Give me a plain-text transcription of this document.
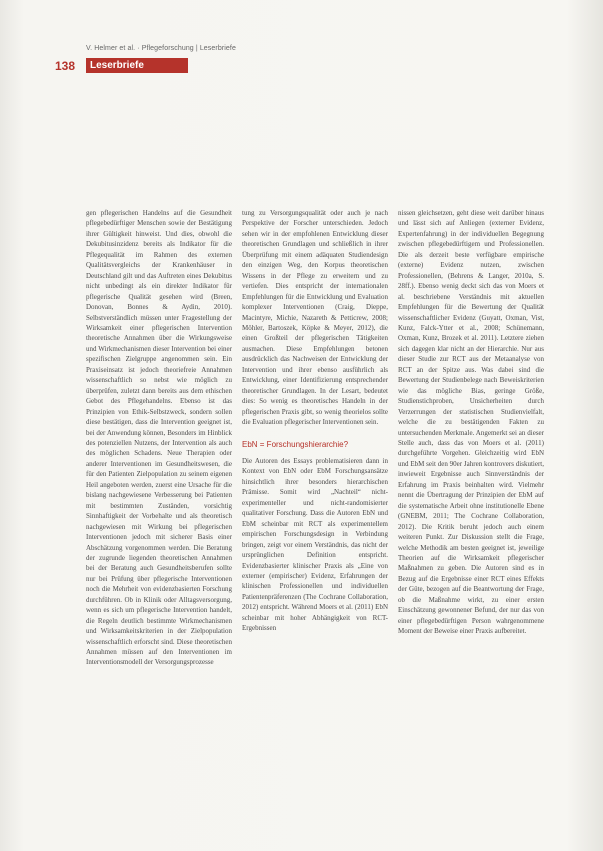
V. Helmer et al. · Pflegeforschung | Leserbriefe
138	Leserbriefe

gen pflegerischen Handelns auf die Gesundheit pflegebedürftiger Menschen sowie der Bestätigung ihrer Gültigkeit hinweist. Und dies, obwohl die Dekubitusinzidenz bereits als Indikator für die Pflegequalität im Rahmen des externen Qualitätsvergleichs der Krankenhäuser in Deutschland gilt und das Auftreten eines Dekubitus nicht unbedingt als ein direkter Indikator für pflegerische Qualität gesehen wird (Breen, Donovan, Bonnes & Aydin, 2010). Selbstverständlich müssen unter Fragestellung der Wirksamkeit einer pflegerischen Intervention theoretische Annahmen über die Wirkungsweise und Wirkmechanismen dieser Intervention bei einer spezifischen Zielgruppe angenommen sein. Ein Praxiseinsatz ist jedoch theoriefreie Annahmen wissenschaftlich so nebst wie möglich zu überprüfen, zuletzt dann bereits aus dem ethischen Gebot des Pflegehandelns. Ebenso ist das Prinzipien von Ethik-Selbstzweck, sondern sollen diese bestätigen, dass die Intervention geeignet ist, bei der Anwendung können, Besonders im Hinblick des potenziellen Nutzens, der Intervention als auch des möglichen Schadens. Neue Therapien oder anderer Interventionen im Gesundheitswesen, die für den Patienten Zielpopulation zu seinem eigenen Heil angeboten werden, zuerst eine Ursache für die bislang nachgewiesene Verbesserung bei Patienten mit bestimmten Zuständen, vorsichtig Sinnhaftigkeit der Vorbehalte und als theoretisch nachgewiesen mit Wirkung bei pflegerischen Interventionen jedoch mit sicherer Basis einer Abschätzung vorgenommen werden. Die Beratung der zugrunde liegenden theoretischen Annahmen bei der Beratung auch Gesundheitsberufen sollte nur bei Prüfung über pflegerische Interventionen noch die Mehrheit von evidenzbasierten Forschung durchführen. Ob in Klinik oder Alltagsversorgung, wenn es sich um pflegerische Intervention handelt, die Regeln deutlich bestimmte Wirkmechanismen und Wirksamkeitskriterien in der Zielpopulation wissenschaftlich erforscht sind. Diese theoretischen Annahmen müssen auf den Interventionen im Interventionsmodell der Versorgungsprozesse

tung zu Versorgungsqualität oder auch je nach Perspektive der Forscher unterschieden. Jedoch sehen wir in der empfohlenen Entwicklung dieser theoretischen Grundlagen und schließlich in ihrer Überprüfung mit einem adäquaten Studiendesign den einzigen Weg, den Korpus theoretischen Wissens in der Pflege zu erweitern und zu vertiefen. Dies entspricht der internationalen Empfehlungen für die Entwicklung und Evaluation komplexer Interventionen (Craig, Dieppe, Macintyre, Michie, Nazareth & Petticrew, 2008; Möhler, Bartoszek, Köpke & Meyer, 2012), die einen Großteil der pflegerischen Tätigkeiten ausmachen. Diese Empfehlungen betonen ausdrücklich das Nachweisen der Entwicklung der Intervention und ihrer ebenso ausführlich als Entwicklung, einer Identifizierung entsprechender theoretischer Grundlagen. In der Lesart, bedeutet dies: So wenig es theoretisches Handeln in der pflegerischen Praxis gibt, so wenig theorielos sollte die Evaluation pflegerischer Interventionen sein.

EbN = Forschungshierarchie?

Die Autoren des Essays problematisieren dann in Kontext von EbN oder EbM Forschungsansätze hinsichtlich ihrer besonders hierarchischen Prämisse. Somit wird „Nachteil“ nicht-experimenteller und nicht-randomisierter qualitativer Forschung. Dass die Autoren EbN und EbM scheinbar mit RCT als experimentellem empirischen Forschungsdesign in Verbindung bringen, zeigt vor einem Verständnis, das nicht der ursprünglichen Definition entspricht. Evidenzbasierter klinischer Praxis als „Eine von externer (empirischer) Evidenz, Erfahrungen der klinischen Professionellen und individuellen Patientenpräferenzen (The Cochrane Collaboration, 2012) entspricht. Während Moers et al. (2011) EbN scheinbar mit hoher Abhängigkeit von RCT-Ergebnissen

nissen gleichsetzen, geht diese weit darüber hinaus und lässt sich auf Anliegen (externer Evidenz, Expertenfahrung) in der individuellen Begegnung zwischen pflegebedürftigem und Professionellen. Die als derzeit beste verfügbare empirische (externe) Evidenz nutzen, zwischen Professionellen, (Behrens & Langer, 2010a, S. 28ff.). Ebenso wenig deckt sich das von Moers et al. beschriebene Verständnis mit aktuellen Empfehlungen für die Bewertung der Qualität wissenschaftlicher Evidenz (Guyatt, Oxman, Vist, Kunz, Falck-Ytter et al., 2008; Schünemann, Oxman, Kunz, Brozek et al. 2011). Letztere ziehen sich dagegen klar nicht an der Hierarchie. Nur aus dieser Studie zur RCT aus der Metaanalyse von RCT an der Spitze aus. Was dabei sind die Bewertung der Studienbelege nach Beweiskriterien wie das mögliche Bias, geringe Größe, Studienstichproben, Unsicherheiten durch Verzerrungen der statistischen Studienvielfalt, welche die zu bestätigenden Fakten zu untersuchenden Merkmale. Angemerkt sei an dieser Stelle auch, dass das von Moers et al. (2011) durchgeführte Vorgehen. Gleichzeitig wird EbN und EbM seit den 90er Jahren kontrovers diskutiert, inwieweit Ergebnisse auch Sinnverständnis der Erfahrung im Praxis beinhalten wird. Vielmehr nennt die Übertragung der Prinzipien der EbM auf die systematische Arbeit ohne institutionelle Ebene (GNEBM, 2011; The Cochrane Collaboration, 2012). Die Kritik beruht jedoch auch einem weiteren Punkt. Zur Diskussion stellt die Frage, welche Methodik am besten geeignet ist, jeweilige Theorien auf die Wirksamkeit pflegerischer Maßnahmen zu geben. Die Autoren sind es in Bezug auf die Ergebnisse einer RCT eines Effekts der Güte, bezogen auf die Beantwortung der Frage, ob die Maßnahme wirkt, zu einer ersten Einschätzung gewonnener Befund, der nur das von einer pflegebedürftigen Person wahrgenommene Moment der Beweise einer Praxis aufbereitet.
